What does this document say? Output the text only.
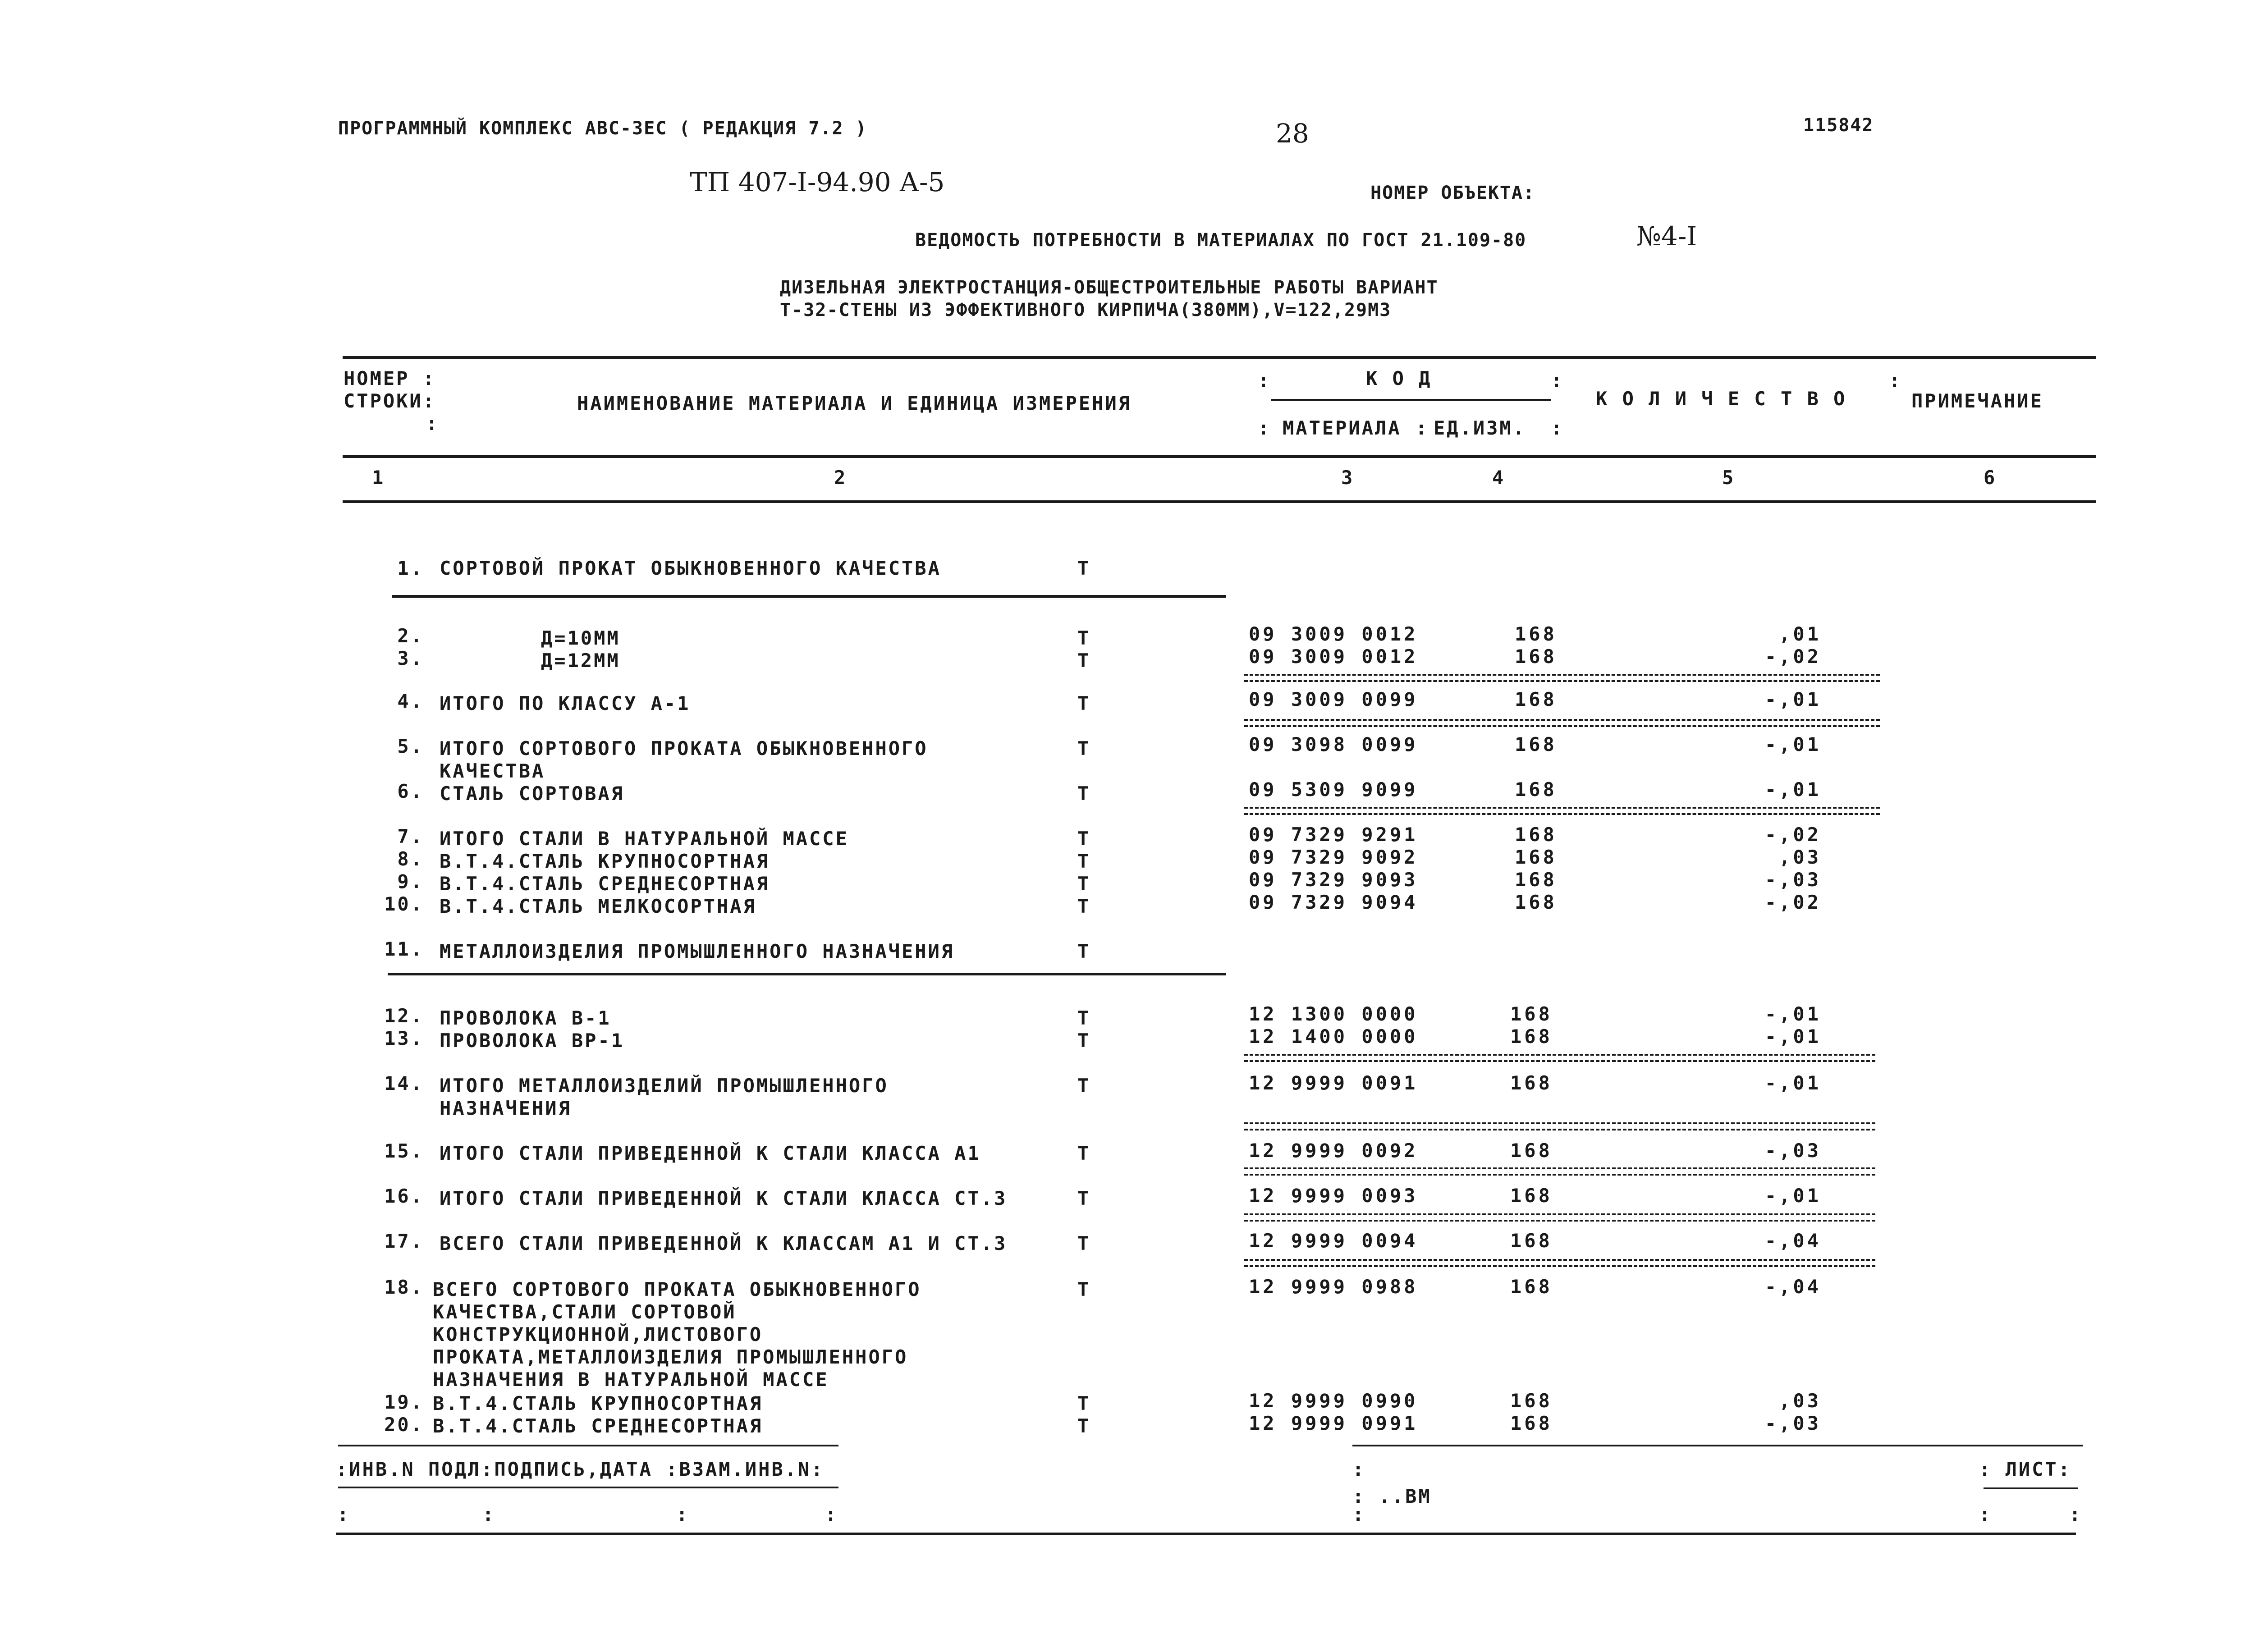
ПРОГРАММНЫЙ КОМПЛЕКС АВС-3ЕС ( РЕДАКЦИЯ 7.2 )	28	115842
ТП 407-I-94.90 А-5	НОМЕР ОБЪЕКТА:
ВЕДОМОСТЬ ПОТРЕБНОСТИ В МАТЕРИАЛАХ ПО ГОСТ 21.109-80	№4-I
ДИЗЕЛЬНАЯ ЭЛЕКТРОСТАНЦИЯ-ОБЩЕСТРОИТЕЛЬНЫЕ РАБОТЫ ВАРИАНТ
Т-32-СТЕНЫ ИЗ ЭФФЕКТИВНОГО КИРПИЧА(380ММ),V=122,29М3
НОМЕР :
СТРОКИ:
:
НАИМЕНОВАНИЕ МАТЕРИАЛА И ЕДИНИЦА ИЗМЕРЕНИЯ
:	К О Д	:
: МАТЕРИАЛА : ЕД.ИЗМ. :
К О Л И Ч Е С Т В О
:
ПРИМЕЧАНИЕ
1	2	3	4	5	6
1. СОРТОВОЙ ПРОКАТ ОБЫКНОВЕННОГО КАЧЕСТВА	Т
2.	Д=10ММ	Т	09 3009 0012	168	,01
3.	Д=12ММ	Т	09 3009 0012	168	-,02
4. ИТОГО ПО КЛАССУ А-1	Т	09 3009 0099	168	-,01
5. ИТОГО СОРТОВОГО ПРОКАТА ОБЫКНОВЕННОГО
КАЧЕСТВА
Т	09 3098 0099	168	-,01
6. СТАЛЬ СОРТОВАЯ	Т	09 5309 9099	168	-,01
7. ИТОГО СТАЛИ В НАТУРАЛЬНОЙ МАССЕ	Т	09 7329 9291	168	-,02
8. В.Т.4.СТАЛЬ КРУПНОСОРТНАЯ	Т	09 7329 9092	168	,03
9. В.Т.4.СТАЛЬ СРЕДНЕСОРТНАЯ	Т	09 7329 9093	168	-,03
10. В.Т.4.СТАЛЬ МЕЛКОСОРТНАЯ	Т	09 7329 9094	168	-,02
11. МЕТАЛЛОИЗДЕЛИЯ ПРОМЫШЛЕННОГО НАЗНАЧЕНИЯ	Т
12. ПРОВОЛОКА В-1	Т	12 1300 0000	168	-,01
13. ПРОВОЛОКА ВР-1	Т	12 1400 0000	168	-,01
14. ИТОГО МЕТАЛЛОИЗДЕЛИЙ ПРОМЫШЛЕННОГО
НАЗНАЧЕНИЯ
Т	12 9999 0091	168	-,01
15. ИТОГО СТАЛИ ПРИВЕДЕННОЙ К СТАЛИ КЛАССА А1	Т	12 9999 0092	168	-,03
16. ИТОГО СТАЛИ ПРИВЕДЕННОЙ К СТАЛИ КЛАССА СТ.3	Т	12 9999 0093	168	-,01
17. ВСЕГО СТАЛИ ПРИВЕДЕННОЙ К КЛАССАМ А1 И СТ.3	Т	12 9999 0094	168	-,04
18. ВСЕГО СОРТОВОГО ПРОКАТА ОБЫКНОВЕННОГО
КАЧЕСТВА,СТАЛИ СОРТОВОЙ
КОНСТРУКЦИОННОЙ,ЛИСТОВОГО
ПРОКАТА,МЕТАЛЛОИЗДЕЛИЯ ПРОМЫШЛЕННОГО
НАЗНАЧЕНИЯ В НАТУРАЛЬНОЙ МАССЕ
Т	12 9999 0988	168	-,04
19. В.Т.4.СТАЛЬ КРУПНОСОРТНАЯ	Т	12 9999 0990	168	,03
20. В.Т.4.СТАЛЬ СРЕДНЕСОРТНАЯ	Т	12 9999 0991	168	-,03
:ИНВ.N ПОДЛ:ПОДПИСЬ,ДАТА :ВЗАМ.ИНВ.N:	:
: ..ВМ
: ЛИСТ:
:	:	:	:	:	:	:
